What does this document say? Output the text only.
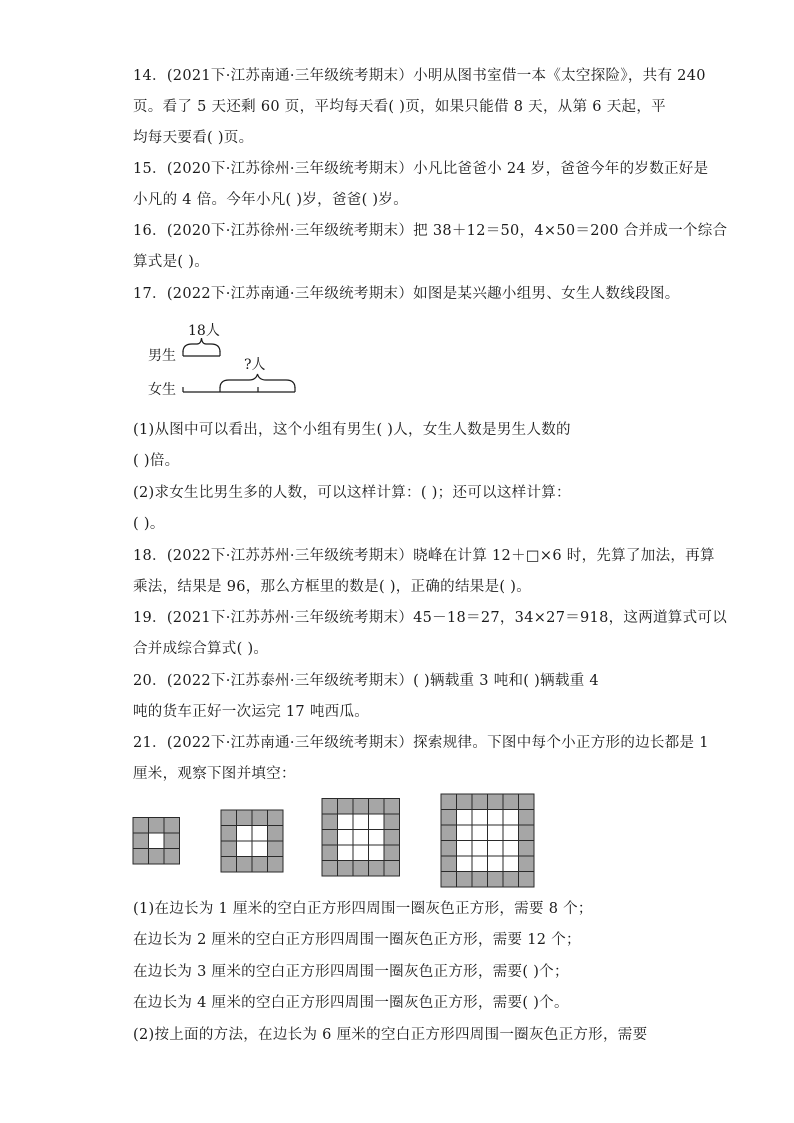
14．(2021下·江苏南通·三年级统考期末）小明从图书室借一本《太空探险》，共有 240
页。看了 5 天还剩 60 页，平均每天看( )页，如果只能借 8 天，从第 6 天起，平
均每天要看( )页。
15．(2020下·江苏徐州·三年级统考期末）小凡比爸爸小 24 岁，爸爸今年的岁数正好是
小凡的 4 倍。今年小凡( )岁，爸爸( )岁。
16．(2020下·江苏徐州·三年级统考期末）把 38＋12＝50，4×50＝200 合并成一个综合
算式是( )。
17．(2022下·江苏南通·三年级统考期末）如图是某兴趣小组男、女生人数线段图。
男生
18人
女生
?人
(1)从图中可以看出，这个小组有男生( )人，女生人数是男生人数的
( )倍。
(2)求女生比男生多的人数，可以这样计算：( )；还可以这样计算：
( )。
18．(2022下·江苏苏州·三年级统考期末）晓峰在计算 12＋□×6 时，先算了加法，再算
乘法，结果是 96，那么方框里的数是( )，正确的结果是( )。
19．(2021下·江苏苏州·三年级统考期末）45－18＝27，34×27＝918，这两道算式可以
合并成综合算式( )。
20．(2022下·江苏泰州·三年级统考期末）( )辆载重 3 吨和( )辆载重 4
吨的货车正好一次运完 17 吨西瓜。
21．(2022下·江苏南通·三年级统考期末）探索规律。下图中每个小正方形的边长都是 1
厘米，观察下图并填空：
(1)在边长为 1 厘米的空白正方形四周围一圈灰色正方形，需要 8 个；
在边长为 2 厘米的空白正方形四周围一圈灰色正方形，需要 12 个；
在边长为 3 厘米的空白正方形四周围一圈灰色正方形，需要( )个；
在边长为 4 厘米的空白正方形四周围一圈灰色正方形，需要( )个。
(2)按上面的方法，在边长为 6 厘米的空白正方形四周围一圈灰色正方形，需要
